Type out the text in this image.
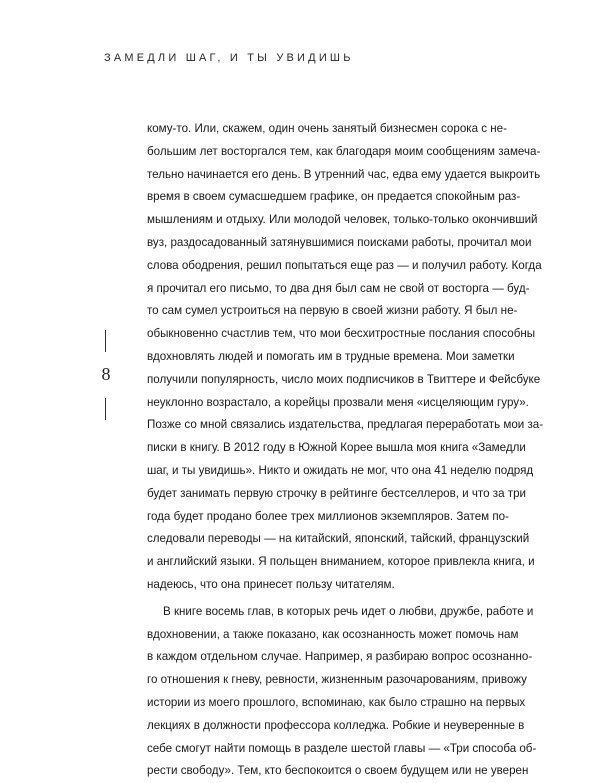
ЗАМЕДЛИ ШАГ, И ТЫ УВИДИШЬ
8
кому-то. Или, скажем, один очень занятый бизнесмен сорока с не-
большим лет восторгался тем, как благодаря моим сообщениям замеча-
тельно начинается его день. В утренний час, едва ему удается выкроить
время в своем сумасшедшем графике, он предается спокойным раз-
мышлениям и отдыху. Или молодой человек, только-только окончивший
вуз, раздосадованный затянувшимися поисками работы, прочитал мои
слова ободрения, решил попытаться еще раз — и получил работу. Когда
я прочитал его письмо, то два дня был сам не свой от восторга — буд-
то сам сумел устроиться на первую в своей жизни работу. Я был не-
обыкновенно счастлив тем, что мои бесхитростные послания способны
вдохновлять людей и помогать им в трудные времена. Мои заметки
получили популярность, число моих подписчиков в Твиттере и Фейсбуке
неуклонно возрастало, а корейцы прозвали меня «исцеляющим гуру».
Позже со мной связались издательства, предлагая переработать мои за-
писки в книгу. В 2012 году в Южной Корее вышла моя книга «Замедли
шаг, и ты увидишь». Никто и ожидать не мог, что она 41 неделю подряд
будет занимать первую строчку в рейтинге бестселлеров, и что за три
года будет продано более трех миллионов экземпляров. Затем по-
следовали переводы — на китайский, японский, тайский, французский
и английский языки. Я польщен вниманием, которое привлекла книга, и
надеюсь, что она принесет пользу читателям.
В книге восемь глав, в которых речь идет о любви, дружбе, работе и
вдохновении, а также показано, как осознанность может помочь нам
в каждом отдельном случае. Например, я разбираю вопрос осознанно-
го отношения к гневу, ревности, жизненным разочарованиям, привожу
истории из моего прошлого, вспоминаю, как было страшно на первых
лекциях в должности профессора колледжа. Робкие и неуверенные в
себе смогут найти помощь в разделе шестой главы — «Три способа об-
рести свободу». Тем, кто беспокоится о своем будущем или не уверен
